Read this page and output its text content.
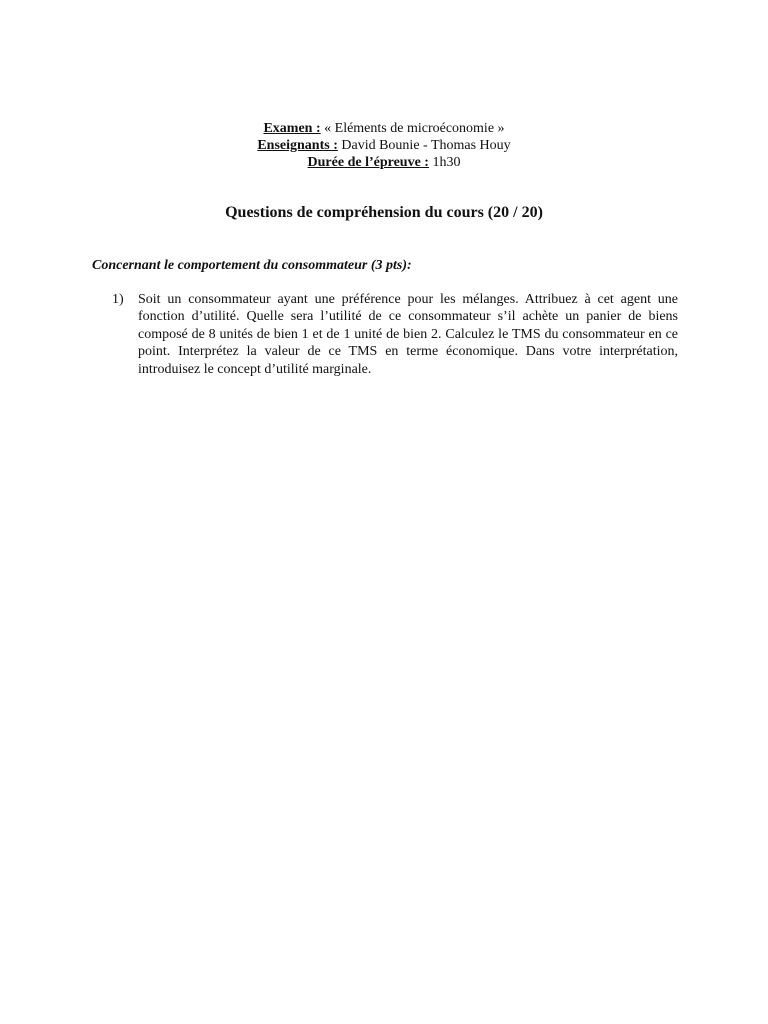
Examen : « Eléments de microéconomie »
Enseignants : David Bounie - Thomas Houy
Durée de l’épreuve : 1h30
Questions de compréhension du cours (20 / 20)
Concernant le comportement du consommateur (3 pts):
1) Soit un consommateur ayant une préférence pour les mélanges. Attribuez à cet agent une fonction d’utilité. Quelle sera l’utilité de ce consommateur s’il achète un panier de biens composé de 8 unités de bien 1 et de 1 unité de bien 2. Calculez le TMS du consommateur en ce point. Interprétez la valeur de ce TMS en terme économique. Dans votre interprétation, introduisez le concept d’utilité marginale.
